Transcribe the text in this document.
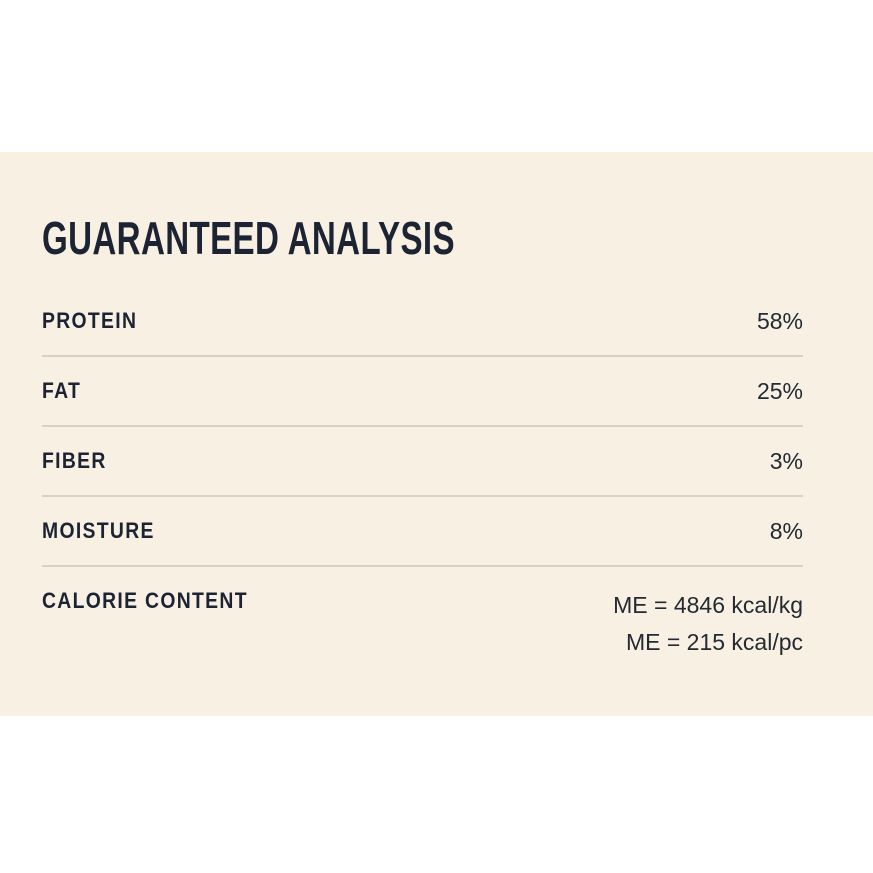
GUARANTEED ANALYSIS
PROTEIN	58%
FAT	25%
FIBER	3%
MOISTURE	8%
CALORIE CONTENT	ME = 4846 kcal/kg
ME = 215 kcal/pc
